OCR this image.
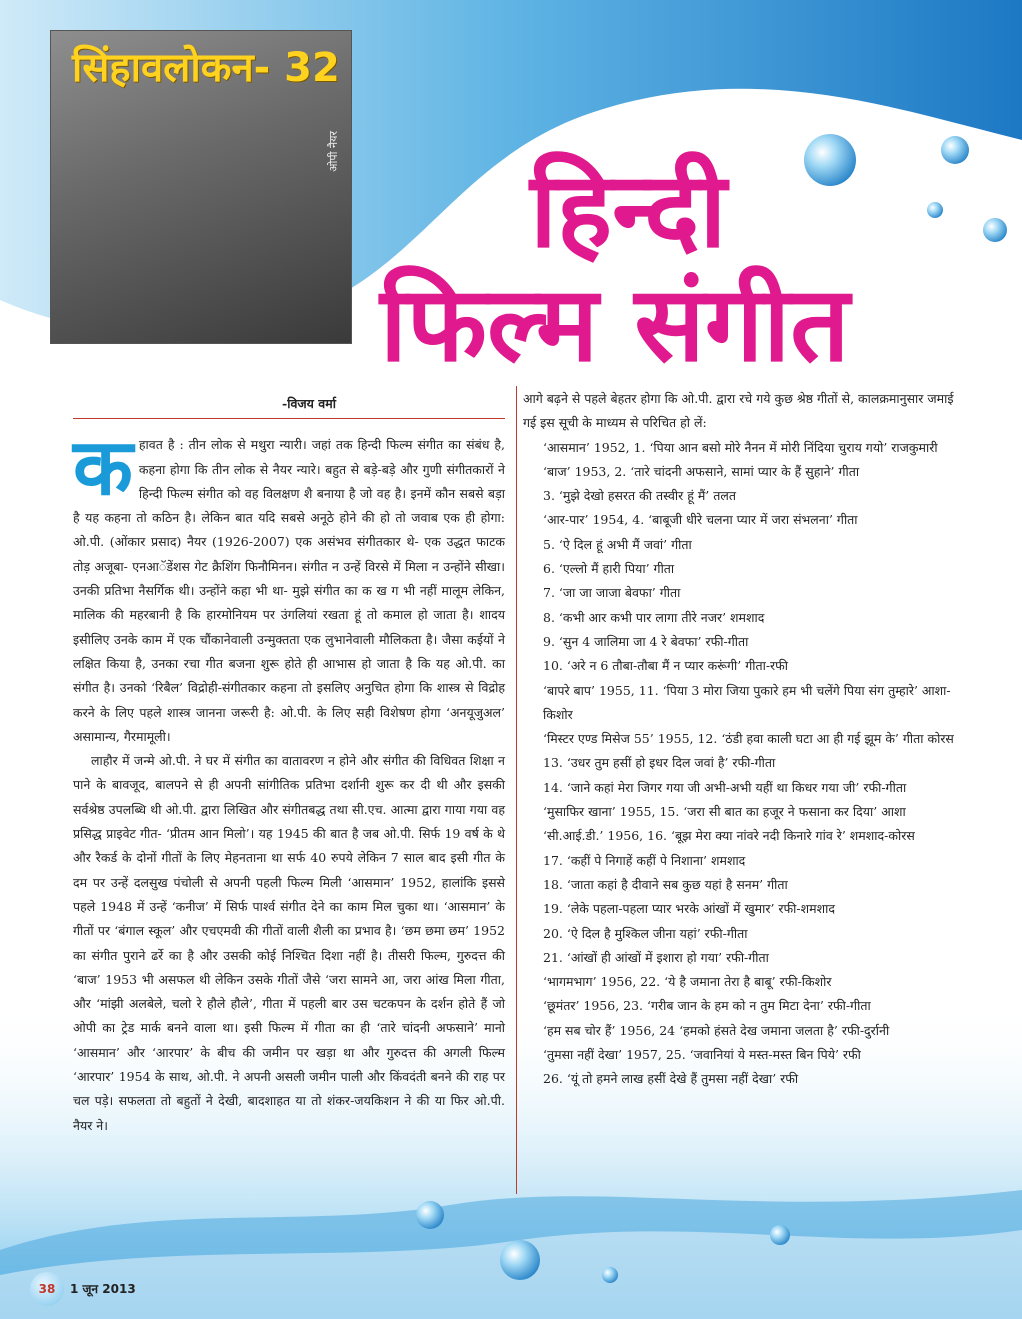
ओपी नैयर
सिंहावलोकन- 32
हिन्दी
फिल्म संगीत
-विजय वर्मा

कहावत है : तीन लोक से मथुरा न्यारी। जहां तक हिन्दी फिल्म संगीत का संबंध है, कहना होगा कि तीन लोक से नैयर न्यारे। बहुत से बड़े-बड़े और गुणी संगीतकारों ने हिन्दी फिल्म संगीत को वह विलक्षण शै बनाया है जो वह है। इनमें कौन सबसे बड़ा है यह कहना तो कठिन है। लेकिन बात यदि सबसे अनूठे होने की हो तो जवाब एक ही होगा: ओ.पी. (ओंकार प्रसाद) नैयर (1926-2007) एक असंभव संगीतकार थे- एक उद्धत फाटक तोड़ अजूबा- एनआॅडेंशस गेट क्रैशिंग फिनौमिनन। संगीत न उन्हें विरसे में मिला न उन्होंने सीखा। उनकी प्रतिभा नैसर्गिक थी। उन्होंने कहा भी था- मुझे संगीत का क ख ग भी नहीं मालूम लेकिन, मालिक की महरबानी है कि हारमोनियम पर उंगलियां रखता हूं तो कमाल हो जाता है। शादय इसीलिए उनके काम में एक चौंकानेवाली उन्मुक्तता एक लुभानेवाली मौलिकता है। जैसा कईयों ने लक्षित किया है, उनका रचा गीत बजना शुरू होते ही आभास हो जाता है कि यह ओ.पी. का संगीत है। उनको ‘रिबैल’ विद्रोही-संगीतकार कहना तो इसलिए अनुचित होगा कि शास्त्र से विद्रोह करने के लिए पहले शास्त्र जानना जरूरी है: ओ.पी. के लिए सही विशेषण होगा ‘अनयूजुअल’ असामान्य, गैरमामूली।

लाहौर में जन्मे ओ.पी. ने घर में संगीत का वातावरण न होने और संगीत की विधिवत शिक्षा न पाने के बावजूद, बालपने से ही अपनी सांगीतिक प्रतिभा दर्शानी शुरू कर दी थी और इसकी सर्वश्रेष्ठ उपलब्धि थी ओ.पी. द्वारा लिखित और संगीतबद्ध तथा सी.एच. आत्मा द्वारा गाया गया वह प्रसिद्ध प्राइवेट गीत- ‘प्रीतम आन मिलो’। यह 1945 की बात है जब ओ.पी. सिर्फ 19 वर्ष के थे और रैकर्ड के दोनों गीतों के लिए मेहनताना था सर्फ 40 रुपये लेकिन 7 साल बाद इसी गीत के दम पर उन्हें दलसुख पंचोली से अपनी पहली फिल्म मिली ‘आसमान’ 1952, हालांकि इससे पहले 1948 में उन्हें ‘कनीज’ में सिर्फ पार्श्व संगीत देने का काम मिल चुका था। ‘आसमान’ के गीतों पर ‘बंगाल स्कूल’ और एचएमवी की गीतों वाली शैली का प्रभाव है। ‘छम छमा छम’ 1952 का संगीत पुराने ढर्रे का है और उसकी कोई निश्चित दिशा नहीं है। तीसरी फिल्म, गुरुदत्त की ‘बाज’ 1953 भी असफल थी लेकिन उसके गीतों जैसे ‘जरा सामने आ, जरा आंख मिला गीता, और ‘मांझी अलबेले, चलो रे हौले हौले’, गीता में पहली बार उस चटकपन के दर्शन होते हैं जो ओपी का ट्रेड मार्क बनने वाला था। इसी फिल्म में गीता का ही ‘तारे चांदनी अफसाने’ मानो ‘आसमान’ और ‘आरपार’ के बीच की जमीन पर खड़ा था और गुरुदत्त की अगली फिल्म ‘आरपार’ 1954 के साथ, ओ.पी. ने अपनी असली जमीन पाली और किंवदंती बनने की राह पर चल पड़े। सफलता तो बहुतों ने देखी, बादशाहत या तो शंकर-जयकिशन ने की या फिर ओ.पी. नैयर ने।

आगे बढ़ने से पहले बेहतर होगा कि ओ.पी. द्वारा रचे गये कुछ श्रेष्ठ गीतों से, कालक्रमानुसार जमाई गई इस सूची के माध्यम से परिचित हो लें:

‘आसमान’ 1952, 1. ‘पिया आन बसो मोरे नैनन में मोरी निंदिया चुराय गयो’ राजकुमारी

‘बाज’ 1953, 2. ‘तारे चांदनी अफसाने, सामां प्यार के हैं सुहाने’ गीता

3. ‘मुझे देखो हसरत की तस्वीर हूं मैं’ तलत

‘आर-पार’ 1954, 4. ‘बाबूजी धीरे चलना प्यार में जरा संभलना’ गीता

5. ‘ऐ दिल हूं अभी मैं जवां’ गीता

6. ‘एल्लो मैं हारी पिया’ गीता

7. ‘जा जा जाजा बेवफा’ गीता

8. ‘कभी आर कभी पार लागा तीरे नजर’ शमशाद

9. ‘सुन 4 जालिमा जा 4 रे बेवफा’ रफी-गीता

10. ‘अरे न 6 तौबा-तौबा मैं न प्यार करूंगी’ गीता-रफी

‘बापरे बाप’ 1955, 11. ‘पिया 3 मोरा जिया पुकारे हम भी चलेंगे पिया संग तुम्हारे’ आशा-किशोर

‘मिस्टर एण्ड मिसेज 55’ 1955, 12. ‘ठंडी हवा काली घटा आ ही गई झूम के’ गीता कोरस

13. ‘उधर तुम हसीं हो इधर दिल जवां है’ रफी-गीता

14. ‘जाने कहां मेरा जिगर गया जी अभी-अभी यहीं था किधर गया जी’ रफी-गीता

‘मुसाफिर खाना’ 1955, 15. ‘जरा सी बात का हजूर ने फसाना कर दिया’ आशा

‘सी.आई.डी.’ 1956, 16. ‘बूझ मेरा क्या नांवरे नदी किनारे गांव रे’ शमशाद-कोरस

17. ‘कहीं पे निगाहें कहीं पे निशाना’ शमशाद

18. ‘जाता कहां है दीवाने सब कुछ यहां है सनम’ गीता

19. ‘लेके पहला-पहला प्यार भरके आंखों में खुमार’ रफी-शमशाद

20. ‘ऐ दिल है मुश्किल जीना यहां’ रफी-गीता

21. ‘आंखों ही आंखों में इशारा हो गया’ रफी-गीता

‘भागमभाग’ 1956, 22. ‘ये है जमाना तेरा है बाबू’ रफी-किशोर

‘छूमंतर’ 1956, 23. ‘गरीब जान के हम को न तुम मिटा देना’ रफी-गीता

‘हम सब चोर हैं’ 1956, 24 ‘हमको हंसते देख जमाना जलता है’ रफी-दुर्रानी

‘तुमसा नहीं देखा’ 1957, 25. ‘जवानियां ये मस्त-मस्त बिन पिये’ रफी

26. ‘यूं तो हमने लाख हसीं देखे हैं तुमसा नहीं देखा’ रफी

38	1 जून 2013
